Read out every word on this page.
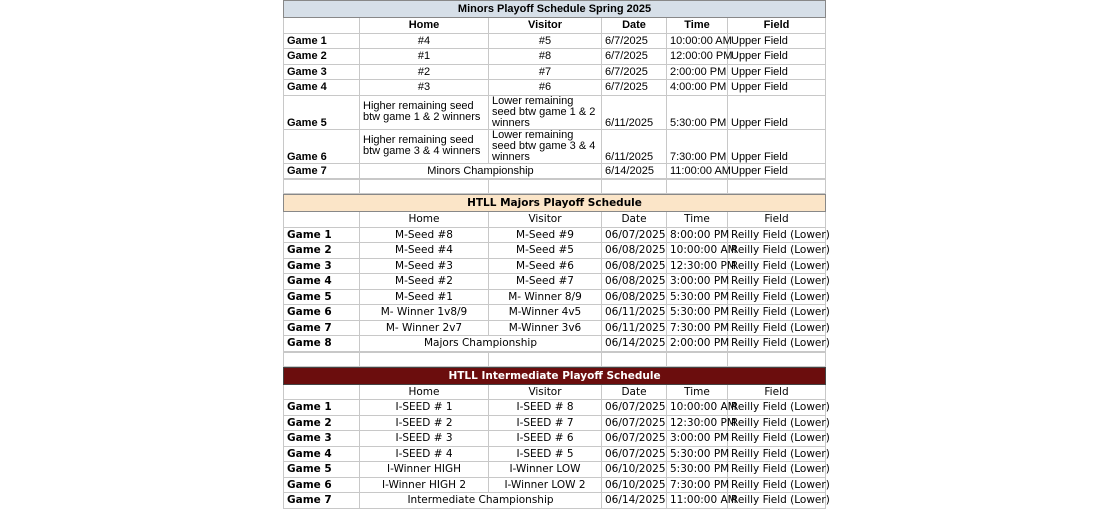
Minors Playoff Schedule Spring 2025					
	Home	Visitor	Date	Time	Field
Game 1	#4	#5	6/7/2025	10:00:00 AM	Upper Field
Game 2	#1	#8	6/7/2025	12:00:00 PM	Upper Field
Game 3	#2	#7	6/7/2025	2:00:00 PM	Upper Field
Game 4	#3	#6	6/7/2025	4:00:00 PM	Upper Field
Game 5	Higher remaining seed btw game 1 & 2 winners	Lower remaining seed btw game 1 & 2 winners	6/11/2025	5:30:00 PM	Upper Field
Game 6	Higher remaining seed btw game 3 & 4 winners	Lower remaining seed btw game 3 & 4 winners	6/11/2025	7:30:00 PM	Upper Field
Game 7	Minors Championship		6/14/2025	11:00:00 AM	Upper Field

HTLL Majors Playoff Schedule					
	Home	Visitor	Date	Time	Field
Game 1	M-Seed #8	M-Seed #9	06/07/2025	8:00:00 PM	Reilly Field (Lower)
Game 2	M-Seed #4	M-Seed #5	06/08/2025	10:00:00 AM	Reilly Field (Lower)
Game 3	M-Seed #3	M-Seed #6	06/08/2025	12:30:00 PM	Reilly Field (Lower)
Game 4	M-Seed #2	M-Seed #7	06/08/2025	3:00:00 PM	Reilly Field (Lower)
Game 5	M-Seed #1	M- Winner 8/9	06/08/2025	5:30:00 PM	Reilly Field (Lower)
Game 6	M- Winner 1v8/9	M-Winner 4v5	06/11/2025	5:30:00 PM	Reilly Field (Lower)
Game 7	M- Winner 2v7	M-Winner 3v6	06/11/2025	7:30:00 PM	Reilly Field (Lower)
Game 8	Majors Championship		06/14/2025	2:00:00 PM	Reilly Field (Lower)

HTLL Intermediate Playoff Schedule					
	Home	Visitor	Date	Time	Field
Game 1	I-SEED # 1	I-SEED # 8	06/07/2025	10:00:00 AM	Reilly Field (Lower)
Game 2	I-SEED # 2	I-SEED # 7	06/07/2025	12:30:00 PM	Reilly Field (Lower)
Game 3	I-SEED # 3	I-SEED # 6	06/07/2025	3:00:00 PM	Reilly Field (Lower)
Game 4	I-SEED # 4	I-SEED # 5	06/07/2025	5:30:00 PM	Reilly Field (Lower)
Game 5	I-Winner HIGH	I-Winner LOW	06/10/2025	5:30:00 PM	Reilly Field (Lower)
Game 6	I-Winner HIGH 2	I-Winner LOW 2	06/10/2025	7:30:00 PM	Reilly Field (Lower)
Game 7	Intermediate Championship		06/14/2025	11:00:00 AM	Reilly Field (Lower)
